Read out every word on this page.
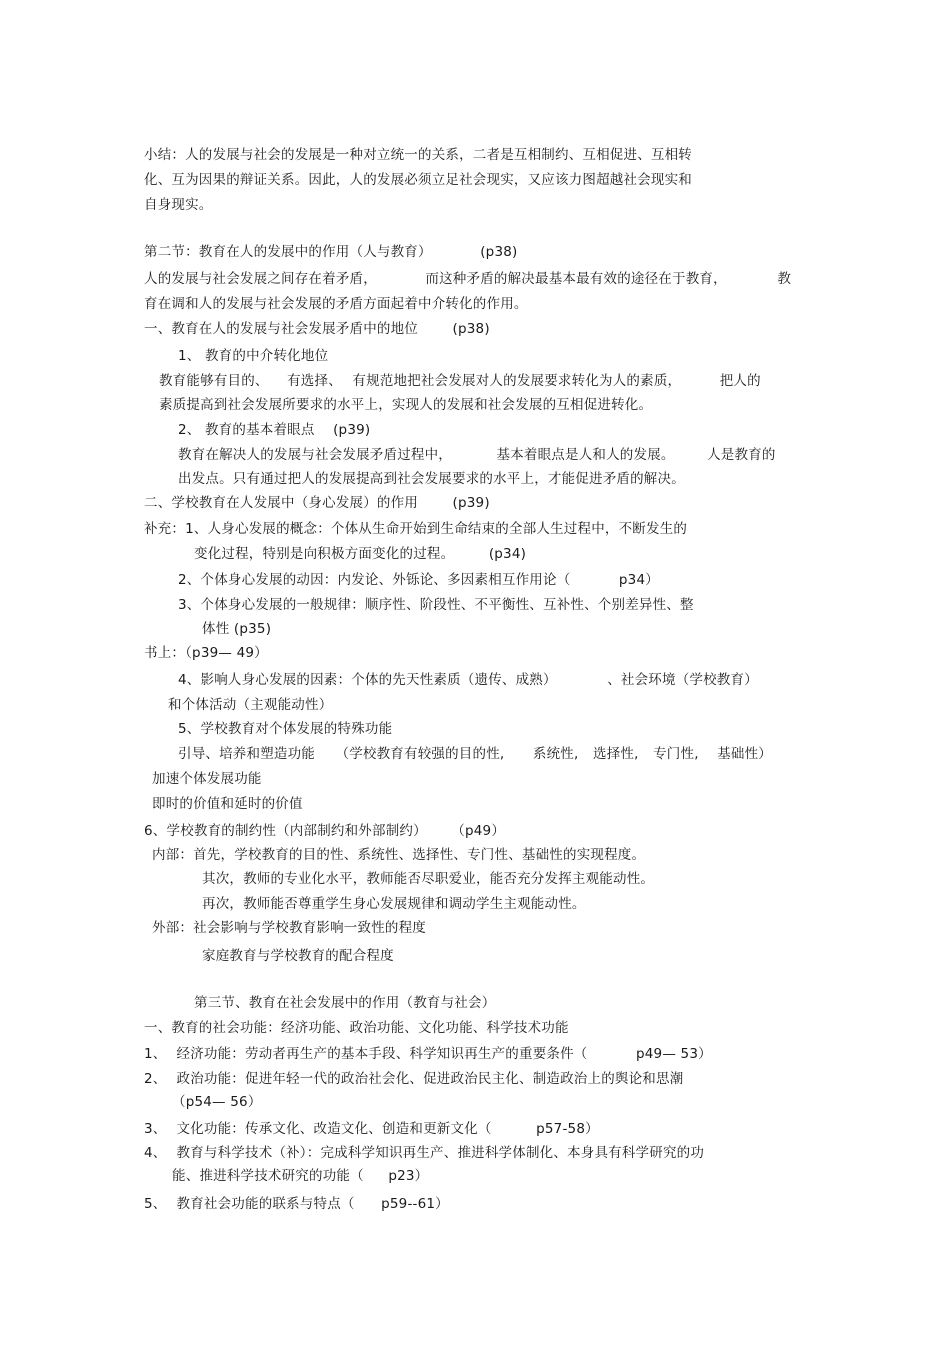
小结：人的发展与社会的发展是一种对立统一的关系，二者是互相制约、互相促进、互相转
化、互为因果的辩证关系。因此，人的发展必须立足社会现实，又应该力图超越社会现实和
自身现实。
第二节：教育在人的发展中的作用（人与教育）	(p38)
人的发展与社会发展之间存在着矛盾，	而这种矛盾的解决最基本最有效的途径在于教育，	教
育在调和人的发展与社会发展的矛盾方面起着中介转化的作用。
一、教育在人的发展与社会发展矛盾中的地位	(p38)
1、 教育的中介转化地位
教育能够有目的、 有选择、 有规范地把社会发展对人的发展要求转化为人的素质，	把人的
素质提高到社会发展所要求的水平上，实现人的发展和社会发展的互相促进转化。
2、 教育的基本着眼点 (p39)
教育在解决人的发展与社会发展矛盾过程中，	基本着眼点是人和人的发展。 人是教育的
出发点。只有通过把人的发展提高到社会发展要求的水平上，才能促进矛盾的解决。
二、学校教育在人发展中（身心发展）的作用	(p39)
补充：1、人身心发展的概念：个体从生命开始到生命结束的全部人生过程中，不断发生的
变化过程，特别是向积极方面变化的过程。	(p34)
2、个体身心发展的动因：内发论、外铄论、多因素相互作用论（	p34）
3、个体身心发展的一般规律：顺序性、阶段性、不平衡性、互补性、个别差异性、整
体性 (p35)
书上：（p39— 49）
4、影响人身心发展的因素：个体的先天性素质（遗传、成熟）	、社会环境（学校教育）
和个体活动（主观能动性）
5、学校教育对个体发展的特殊功能
引导、培养和塑造功能 （学校教育有较强的目的性, 系统性, 选择性, 专门性, 基础性）
加速个体发展功能
即时的价值和延时的价值
6、学校教育的制约性（内部制约和外部制约） （p49）
内部：首先，学校教育的目的性、系统性、选择性、专门性、基础性的实现程度。
其次，教师的专业化水平，教师能否尽职爱业，能否充分发挥主观能动性。
再次，教师能否尊重学生身心发展规律和调动学生主观能动性。
外部：社会影响与学校教育影响一致性的程度
家庭教育与学校教育的配合程度
第三节、教育在社会发展中的作用（教育与社会）
一、教育的社会功能：经济功能、政治功能、文化功能、科学技术功能
1、 经济功能：劳动者再生产的基本手段、科学知识再生产的重要条件（	p49— 53）
2、 政治功能：促进年轻一代的政治社会化、促进政治民主化、制造政治上的舆论和思潮
（p54— 56）
3、 文化功能：传承文化、改造文化、创造和更新文化（	p57-58）
4、 教育与科学技术（补）：完成科学知识再生产、推进科学体制化、本身具有科学研究的功
能、推进科学技术研究的功能（ p23）
5、 教育社会功能的联系与特点（ p59--61）
